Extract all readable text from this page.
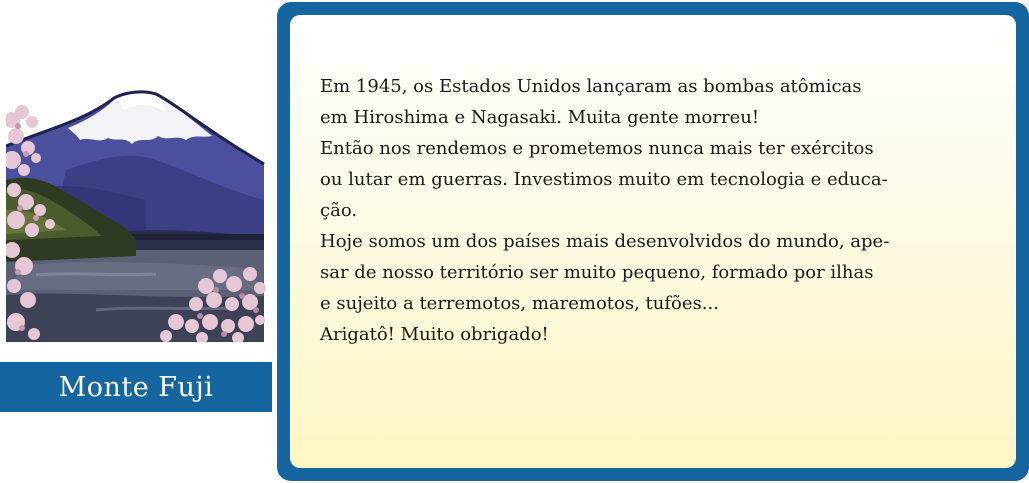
Monte Fuji

Em 1945, os Estados Unidos lançaram as bombas atômicas

em Hiroshima e Nagasaki. Muita gente morreu!

Então nos rendemos e prometemos nunca mais ter exércitos

ou lutar em guerras. Investimos muito em tecnologia e educa-

ção.

Hoje somos um dos países mais desenvolvidos do mundo, ape-

sar de nosso território ser muito pequeno, formado por ilhas

e sujeito a terremotos, maremotos, tufões...

Arigatô! Muito obrigado!
